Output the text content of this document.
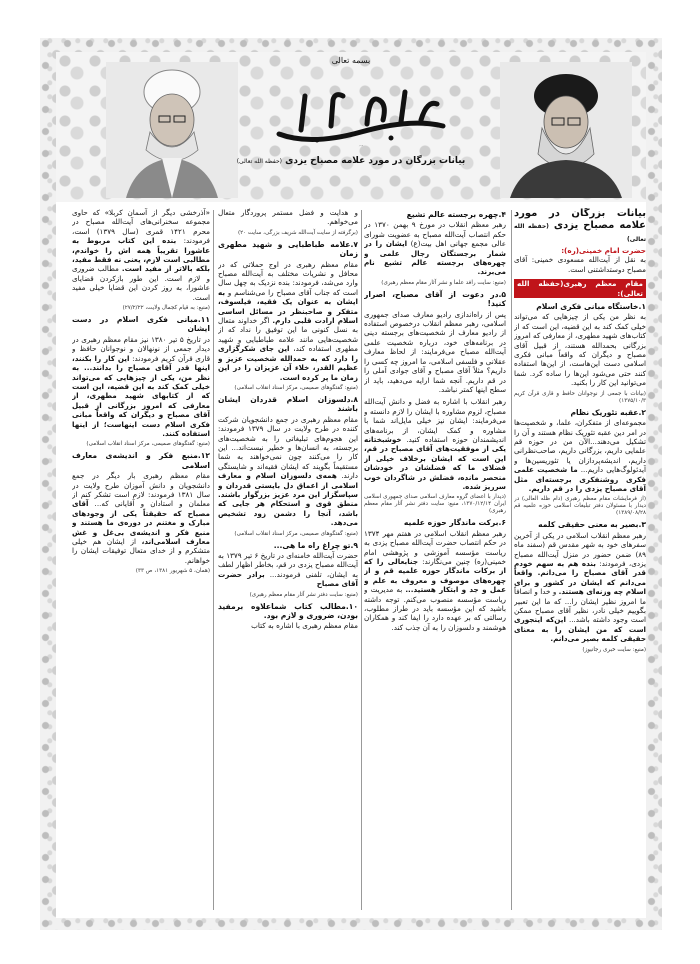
بسمه تعالی
عالم بصیر
بیانات بزرگان در مورد علامه مصباح یزدی (حفظه الله تعالی)
بیانات بزرگان در مورد علامه مصباح یزدی (حفظه الله تعالی)
حضرت امام خمینی(ره):

به نقل از آیت‌الله مسعودی خمینی: آقای مصباح دوستداشتنی است.

مقام معظم رهبری(حفظه الله تعالی):
۱.خاستگاه مبانی فکری اسلام

به نظر من یکی از چیزهایی که می‌تواند خیلی کمک کند به این قضیه، این است که از کتاب‌های شهید مطهری، از معارفی که امروز بزرگانی بحمدالله هستند، از قبیل آقای مصباح و دیگران که واقعاً مبانی فکری اسلامی دست این‌هاست، از این‌ها استفاده کنند حتی می‌شود این‌ها را ساده کرد. شما می‌توانید این کار را بکنید.

(بیانات با جمعی از نوجوانان حافظ و قاری قرآن کریم ۱۳۷۵/۱۰/۳)
۲.عقبه تئوریک نظام

مجموعه‌ای از متفکران، علما، و شخصیت‌ها در امر دین عقبه تئوریک نظام هستند و آن را تشکیل می‌دهند...الآن من در حوزه قم علمایی داریم، بزرگانی داریم، صاحب‌نظرانی داریم، اندیشه‌پردازان یا تئوریسین‌ها و آیدئولوگ‌هایی داریم... ما شخصیت علمی فکری روشنفکری برجسته‌ای مثل آقای مصباح یزدی را در قم داریم.

(از فرمایشات مقام معظم رهبری (دام ظله العالی) در دیدار با مسئولان دفتر تبلیغات اسلامی حوزه علمیه قم ۱۳۸۹/۰۸/۲۸)
۳.بصیر به معنی حقیقی کلمه

رهبر معظم انقلاب اسلامی در یکی از آخرین سفرهای خود به شهر مقدس قم (سفند ماه ۸۹) ضمن حضور در منزل آیت‌الله مصباح یزدی، فرمودند: بنده هم به سهم خودم قدر آقای مصباح را می‌دانم. واقعاً می‌دانم که ایشان در کشور و برای اسلام چه وزنه‌ای هستند. و خدا و انصافاً ما امروز نظیر ایشان را... که ما این تعبیر بگوییم خیلی نادر، نظیر آقای مصباح ممکن است وجود داشته باشد... این‌که اینجوری است که من ایشان را به معنای حقیقی کلمه بصیر می‌دانم.

(منبع: سایت خبری رجانیوز)
۴.چهره برجسته عالم تشیع

رهبر معظم انقلاب در مورخ ۹ بهمن ۱۳۷۰ در حکم انتصاب آیت‌الله مصباح به عضویت شورای عالی مجمع جهانی اهل بیت(ع) ایشان را در شمار برجستگان رجال علمی و چهره‌های برجسته عالم تشیع نام می‌برند.

(منبع: سایت رافد علما و نشر آثار مقام معظم رهبری)
۵.در دعوت از آقای مصباح، اصرار کنید!

پس از راه‌اندازی رادیو معارف صدای جمهوری اسلامی، رهبر معظم انقلاب درخصوص استفاده از رادیو معارف از شخصیت‌های برجسته دینی در برنامه‌های خود، درباره شخصیت علمی آیت‌الله مصباح می‌فرمایند: از لحاظ معارف عقلانی و فلسفی اسلامی، ما امروز چه کسی را داریم؟ مثلاً آقای مصباح و آقای جوادی آملی را در قم داریم. آنجه شما ارایه می‌دهید، باید از سطح اینها کمتر نباشد.

رهبر انقلاب با اشاره به فضل و دانش آیت‌الله مصباح، لزوم مشاوره با ایشان را لازم دانسته و می‌فرمایند: ایشان نیز خیلی مایل‌اند شما با مشاوره و کمک ایشان، از برنامه‌های اندیشمندان حوزه استفاده کنید. خوشبختانه یکی از موفقیت‌های آقای مصباح در قم، این است که ایشان برخلاف خیلی از فضلای ما که فضلشان در خودشان منحصر مانده، فضلش در شاگردان خوب سرریز شده.

(دیدار با اعضای گروه معارف اسلامی صدای جمهوری اسلامی ایران ۱۳۷۰/۱۲/۱۴، منبع: سایت دفتر نشر آثار مقام معظم رهبری)
۶.برکت ماندگار حوزه علمیه

رهبر معظم انقلاب اسلامی در هفتم مهر ۱۳۷۴ در حکم انتصاب حضرت آیت‌الله مصباح یزدی به ریاست مؤسسه آموزشی و پژوهشی امام خمینی(ره) چنین می‌نگارند: جنابعالی را که از برکات ماندگار حوزه علمیه قم و از چهره‌های موصوف و معروف به علم و عمل و جد و ابتکار هستید... به مدیریت و ریاست مؤسسه منصوب می‌کنم. توجه داشته باشید که این مؤسسه باید در طراز مطلوب، رسالتی که بر عهده دارد را ایفا کند و همکاران هوشمند و دلسوزان را به آن جذب کند.

و هدایت و فضل مستمر پروردگار متعال می‌خواهم.

(برگرفته از سایت آیت‌الله شریف بزرگی، سایت ۲۰)
۷.علامه طباطبایی و شهید مطهری زمان

مقام معظم رهبری در اوج حملاتی که در محافل و نشریات مختلف به آیت‌الله مصباح وارد می‌شد، فرمودند: بنده نزدیک به چهل سال است که جناب آقای مصباح را می‌شناسم و به ایشان به عنوان یک فقیه، فیلسوف، متفکر و صاحبنظر در مسائل اساسی اسلام ارادت قلبی دارم. اگر خداوند متعال به نسل کنونی ما این توفیق را نداد که از شخصیت‌هایی مانند علامه طباطبایی و شهید مطهری استفاده کند، این جای شکرگزاری را دارد که به حمدالله شخصیت عزیز و عظیم القدر، خلاء آن عزیزان را در این زمان ما پر کرده است.

(منبع: گفتگوهای صمیمی، مرکز اسناد انقلاب اسلامی)
۸.دلسوزان اسلام قدردان ایشان باشند

مقام معظم رهبری در جمع دانشجویان شرکت کننده در طرح ولایت در سال ۱۳۷۹ فرمودند: این هجوم‌های تبلیغاتی را به شخصیت‌های برجسته، به انسان‌ها و خطیر نیست‌اند... این کار را می‌کنند چون نمی‌خواهند به شما مستقیماً بگویند که ایشان فقیه‌اند و شایستگی دارند. همه‌ی دلسوزان اسلام و معارف اسلامی از اعماق دل بایستی قدردان و سپاسگزار این مرد عزیز بزرگوار باشند. منطق قوی و استحکام هر جایی که باشد، آنجا را دشمن زود تشخیص می‌دهد.

(منبع: گفتگوهای صمیمی، مرکز اسناد انقلاب اسلامی)
۹.تو چراغ راه ما هی...

حضرت آیت‌الله خامنه‌ای در تاریخ ۶ تیر ۱۳۷۹ به آیت‌الله مصباح یزدی در قم، بخاطر اظهار لطف به ایشان، تلفنی فرمودند... برادر حضرت آقای مصباح

(منبع: سایت دفتر نشر آثار مقام معظم رهبری)
۱۰.مطالب کتاب شماعلاوه برمفید بودن، ضروری و لازم بود.

مقام معظم رهبری با اشاره به کتاب

«آذرخشی دیگر از آسمان کربلا» که حاوی مجموعه سخنرانی‌های آیت‌الله مصباح در محرم ۱۴۲۱ قمری (سال ۱۳۷۹) است، فرمودند: بنده این کتاب مربوط به عاشورا تقریباً همه اش را خواندم، مطالبی است لازم، یعنی نه فقط مفید، بلکه بالاتر از مفید است. مطالب ضروری و لازم است. این طور بازکردن قضایای عاشورا، به روز کردن این قضایا خیلی مفید است.

(منبع: به قیام کجمال ولایت، ۲۷/۲/۲۲)
۱۱.مبانی فکری اسلام در دست ایشان

در تاریخ ۵ تیر ۱۳۸۰ نیز مقام معظم رهبری در دیدار جمعی از نونهالان و نوجوانان حافظ و قاری قرآن کریم فرمودند: این کار را بکنند، اینها قدر آقای مصباح را بدانند... به نظر من، یکی از چیزهایی که می‌تواند خیلی کمک کند به این قضیه، این است که از کتابهای شهید مطهری، از معارفی که امروز بزرگانی از قبیل آقای مصباح و دیگران که واقعاً مبانی فکری اسلام دست اینهاست؛ از اینها استفاده کنند.

(منبع: گفتگوهای صمیمی، مرکز اسناد انقلاب اسلامی)
۱۲.منبع فکر و اندیشه‌ی معارف اسلامی

مقام معظم رهبری بار دیگر در جمع دانشجویان و دانش آموزان طرح ولایت در سال ۱۳۸۱ فرمودند: لازم است تشکر کنم از معلمان و استادان و آقایانی که... آقای مصباح که حقیقتاً یکی از وجودهای مبارک و مغتنم در دوره‌ی ما هستند و منبع فکر و اندیشه‌ی بی‌غل و غش معارف اسلامی‌اند، از ایشان هم خیلی متشکرم و از خدای متعال توفیقات ایشان را خواهانم.

(همان، ۵ شهریور ۱۳۸۱، ص ۳۳)
